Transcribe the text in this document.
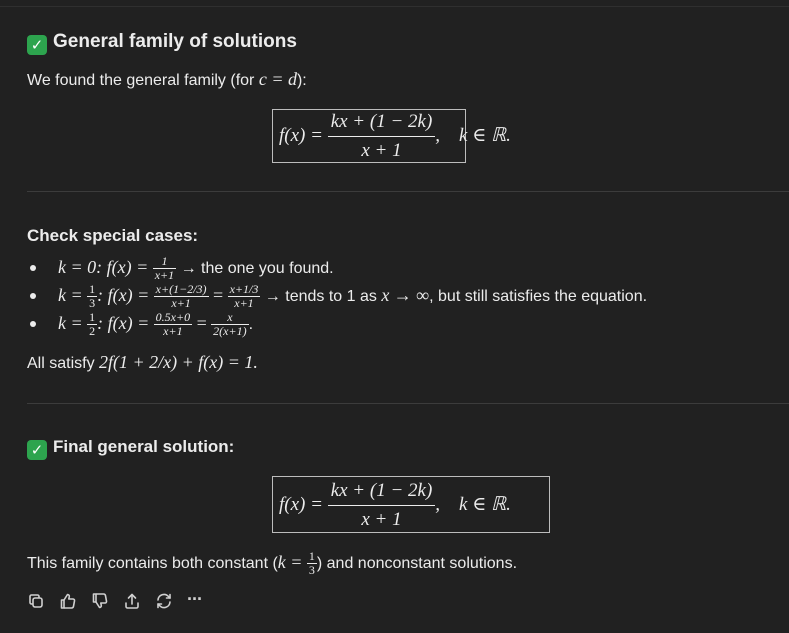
✓ General family of solutions
We found the general family (for c = d):
$f(x) = \frac{kx + (1 - 2k)}{x + 1}$ ,    k ∈ ℝ.
Check special cases:
k = 0: $f(x) = \frac{1}{x+1}$ → the one you found.
$k = \frac{1}{3}$ : $f(x) = \frac{x+(1-2/3)}{x+1} = \frac{x+1/3}{x+1}$ → tends to 1 as x → ∞, but still satisfies the equation.
$k = \frac{1}{2}$ : $f(x) = \frac{0.5x+0}{x+1} = \frac{x}{2(x+1)}$ .
All satisfy 2f(1 + 2/x) + f(x) = 1.
✓ Final general solution:
$f(x) = \frac{kx + (1 - 2k)}{x + 1}$ ,    k ∈ ℝ.
This family contains both constant ($k = \frac{1}{3}$ ) and nonconstant solutions.
···
